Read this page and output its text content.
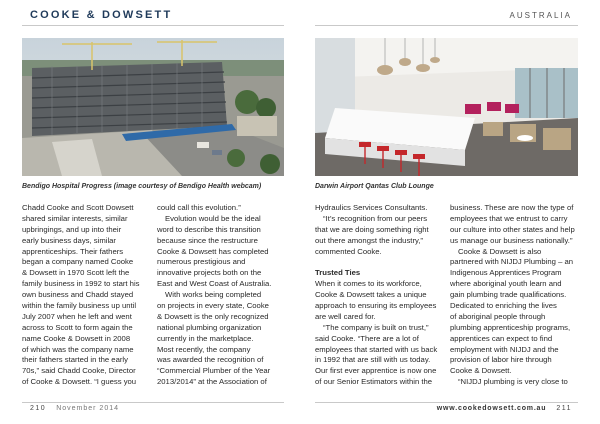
COOKE & DOWSETT	AUSTRALIA
Bendigo Hospital Progress (image courtesy of Bendigo Health webcam)	Darwin Airport Qantas Club Lounge
Chadd Cooke and Scott Dowsett
shared similar interests, similar
upbringings, and up into their
early business days, similar
apprenticeships. Their fathers
began a company named Cooke
& Dowsett in 1970 Scott left the
family business in 1992 to start his
own business and Chadd stayed
within the family business up until
July 2007 when he left and went
across to Scott to form again the
name Cooke & Dowsett in 2008
of which was the company name
their fathers started in the early
70s,” said Chadd Cooke, Director
of Cooke & Dowsett. “I guess you
could call this evolution.”
Evolution would be the ideal
word to describe this transition
because since the restructure
Cooke & Dowsett has completed
numerous prestigious and
innovative projects both on the
East and West Coast of Australia.
With works being completed
on projects in every state, Cooke
& Dowsett is the only recognized
national plumbing organization
currently in the marketplace.
Most recently, the company
was awarded the recognition of
“Commercial Plumber of the Year
2013/2014” at the Association of
Hydraulics Services Consultants.
“It’s recognition from our peers
that we are doing something right
out there amongst the industry,”
commented Cooke.
Trusted Ties
When it comes to its workforce,
Cooke & Dowsett takes a unique
approach to ensuring its employees
are well cared for.
“The company is built on trust,”
said Cooke. “There are a lot of
employees that started with us back
in 1992 that are still with us today.
Our first ever apprentice is now one
of our Senior Estimators within the
business. These are now the type of
employees that we entrust to carry
our culture into other states and help
us manage our business nationally.”
Cooke & Dowsett is also
partnered with NIJDJ Plumbing – an
Indigenous Apprentices Program
where aboriginal youth learn and
gain plumbing trade qualifications.
Dedicated to enriching the lives
of aboriginal people through
plumbing apprenticeship programs,
apprentices can expect to find
employment with NIJDJ and the
provision of labor hire through
Cooke & Dowsett.
“NIJDJ plumbing is very close to
210 November 2014	www.cookedowsett.com.au 211
